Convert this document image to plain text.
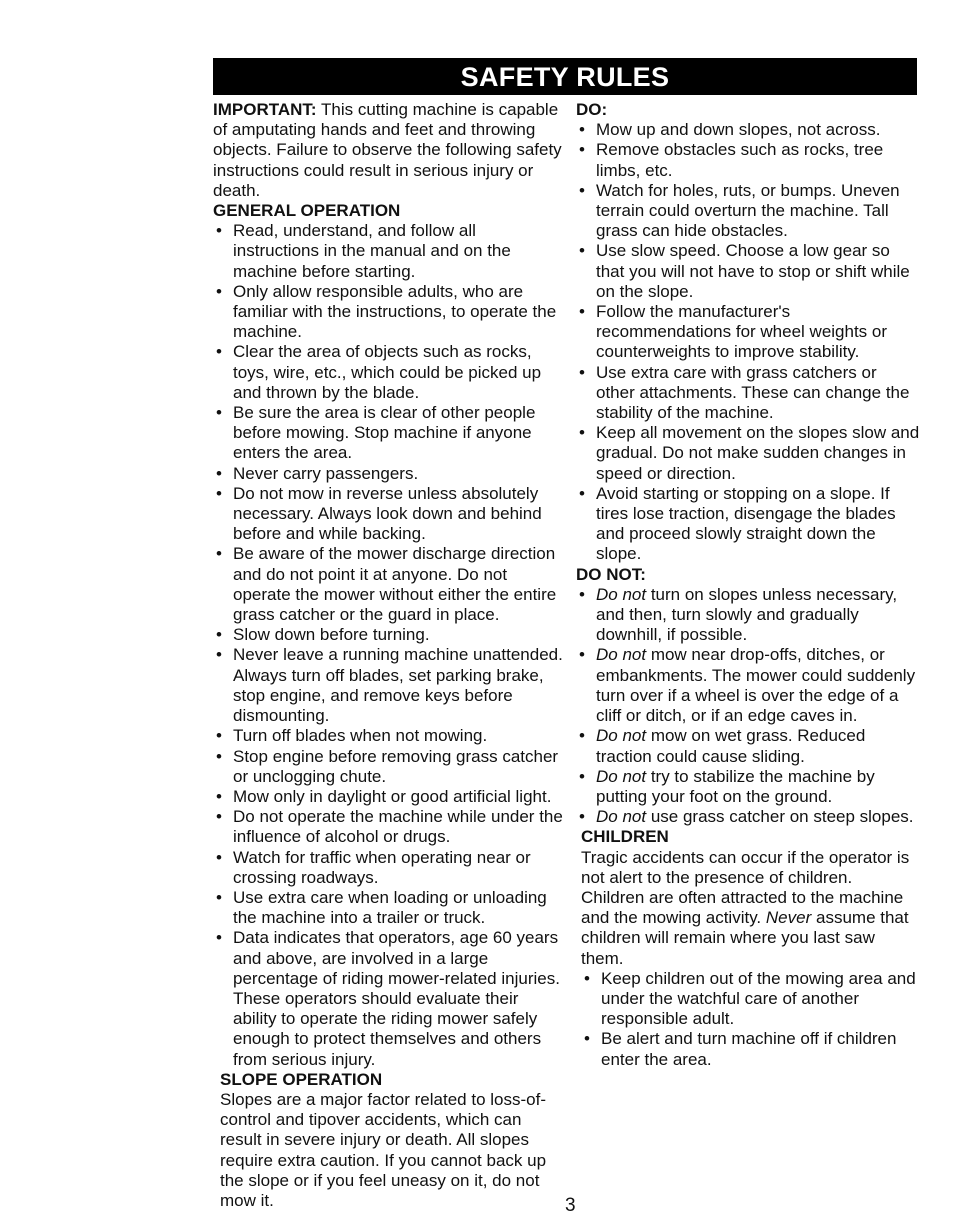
SAFETY RULES

IMPORTANT: This cutting machine is capable of amputating hands and feet and throwing objects. Failure to observe the following safety instructions could result in serious injury or death.

GENERAL OPERATION

• Read, understand, and follow all instructions in the manual and on the machine before starting.
• Only allow responsible adults, who are familiar with the instructions, to operate the machine.
• Clear the area of objects such as rocks, toys, wire, etc., which could be picked up and thrown by the blade.
• Be sure the area is clear of other people before mowing. Stop machine if anyone enters the area.
• Never carry passengers.
• Do not mow in reverse unless absolutely necessary. Always look down and behind before and while backing.
• Be aware of the mower discharge direction and do not point it at anyone. Do not operate the mower without either the entire grass catcher or the guard in place.
• Slow down before turning.
• Never leave a running machine unattended. Always turn off blades, set parking brake, stop engine, and remove keys before dismounting.
• Turn off blades when not mowing.
• Stop engine before removing grass catcher or unclogging chute.
• Mow only in daylight or good artificial light.
• Do not operate the machine while under the influence of alcohol or drugs.
• Watch for traffic when operating near or crossing roadways.
• Use extra care when loading or unloading the machine into a trailer or truck.
• Data indicates that operators, age 60 years and above, are involved in a large percentage of riding mower-related injuries. These operators should evaluate their ability to operate the riding mower safely enough to protect themselves and others from serious injury.

SLOPE OPERATION

Slopes are a major factor related to loss-of-control and tipover accidents, which can result in severe injury or death. All slopes require extra caution. If you cannot back up the slope or if you feel uneasy on it, do not mow it.

DO:

• Mow up and down slopes, not across.
• Remove obstacles such as rocks, tree limbs, etc.
• Watch for holes, ruts, or bumps. Uneven terrain could overturn the machine. Tall grass can hide obstacles.
• Use slow speed. Choose a low gear so that you will not have to stop or shift while on the slope.
• Follow the manufacturer's recommendations for wheel weights or counterweights to improve stability.
• Use extra care with grass catchers or other attachments. These can change the stability of the machine.
• Keep all movement on the slopes slow and gradual. Do not make sudden changes in speed or direction.
• Avoid starting or stopping on a slope. If tires lose traction, disengage the blades and proceed slowly straight down the slope.

DO NOT:

• Do not turn on slopes unless necessary, and then, turn slowly and gradually downhill, if possible.
• Do not mow near drop-offs, ditches, or embankments. The mower could suddenly turn over if a wheel is over the edge of a cliff or ditch, or if an edge caves in.
• Do not mow on wet grass. Reduced traction could cause sliding.
• Do not try to stabilize the machine by putting your foot on the ground.
• Do not use grass catcher on steep slopes.

CHILDREN

Tragic accidents can occur if the operator is not alert to the presence of children. Children are often attracted to the machine and the mowing activity. Never assume that children will remain where you last saw them.

• Keep children out of the mowing area and under the watchful care of another responsible adult.
• Be alert and turn machine off if children enter the area.
3
